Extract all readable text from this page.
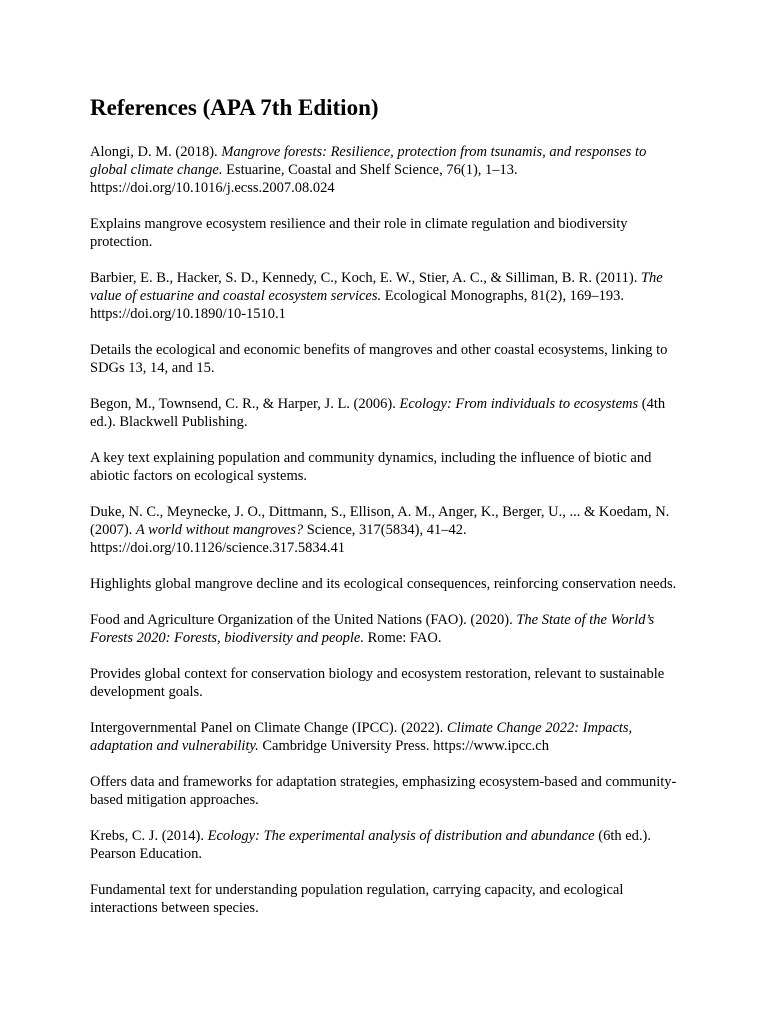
References (APA 7th Edition)

Alongi, D. M. (2018). Mangrove forests: Resilience, protection from tsunamis, and responses to global climate change. Estuarine, Coastal and Shelf Science, 76(1), 1–13. https://doi.org/10.1016/j.ecss.2007.08.024

Explains mangrove ecosystem resilience and their role in climate regulation and biodiversity protection.

Barbier, E. B., Hacker, S. D., Kennedy, C., Koch, E. W., Stier, A. C., & Silliman, B. R. (2011). The value of estuarine and coastal ecosystem services. Ecological Monographs, 81(2), 169–193. https://doi.org/10.1890/10-1510.1

Details the ecological and economic benefits of mangroves and other coastal ecosystems, linking to SDGs 13, 14, and 15.

Begon, M., Townsend, C. R., & Harper, J. L. (2006). Ecology: From individuals to ecosystems (4th ed.). Blackwell Publishing.

A key text explaining population and community dynamics, including the influence of biotic and abiotic factors on ecological systems.

Duke, N. C., Meynecke, J. O., Dittmann, S., Ellison, A. M., Anger, K., Berger, U., ... & Koedam, N. (2007). A world without mangroves? Science, 317(5834), 41–42. https://doi.org/10.1126/science.317.5834.41

Highlights global mangrove decline and its ecological consequences, reinforcing conservation needs.

Food and Agriculture Organization of the United Nations (FAO). (2020). The State of the World’s Forests 2020: Forests, biodiversity and people. Rome: FAO.

Provides global context for conservation biology and ecosystem restoration, relevant to sustainable development goals.

Intergovernmental Panel on Climate Change (IPCC). (2022). Climate Change 2022: Impacts, adaptation and vulnerability. Cambridge University Press. https://www.ipcc.ch

Offers data and frameworks for adaptation strategies, emphasizing ecosystem-based and community-based mitigation approaches.

Krebs, C. J. (2014). Ecology: The experimental analysis of distribution and abundance (6th ed.). Pearson Education.

Fundamental text for understanding population regulation, carrying capacity, and ecological interactions between species.
